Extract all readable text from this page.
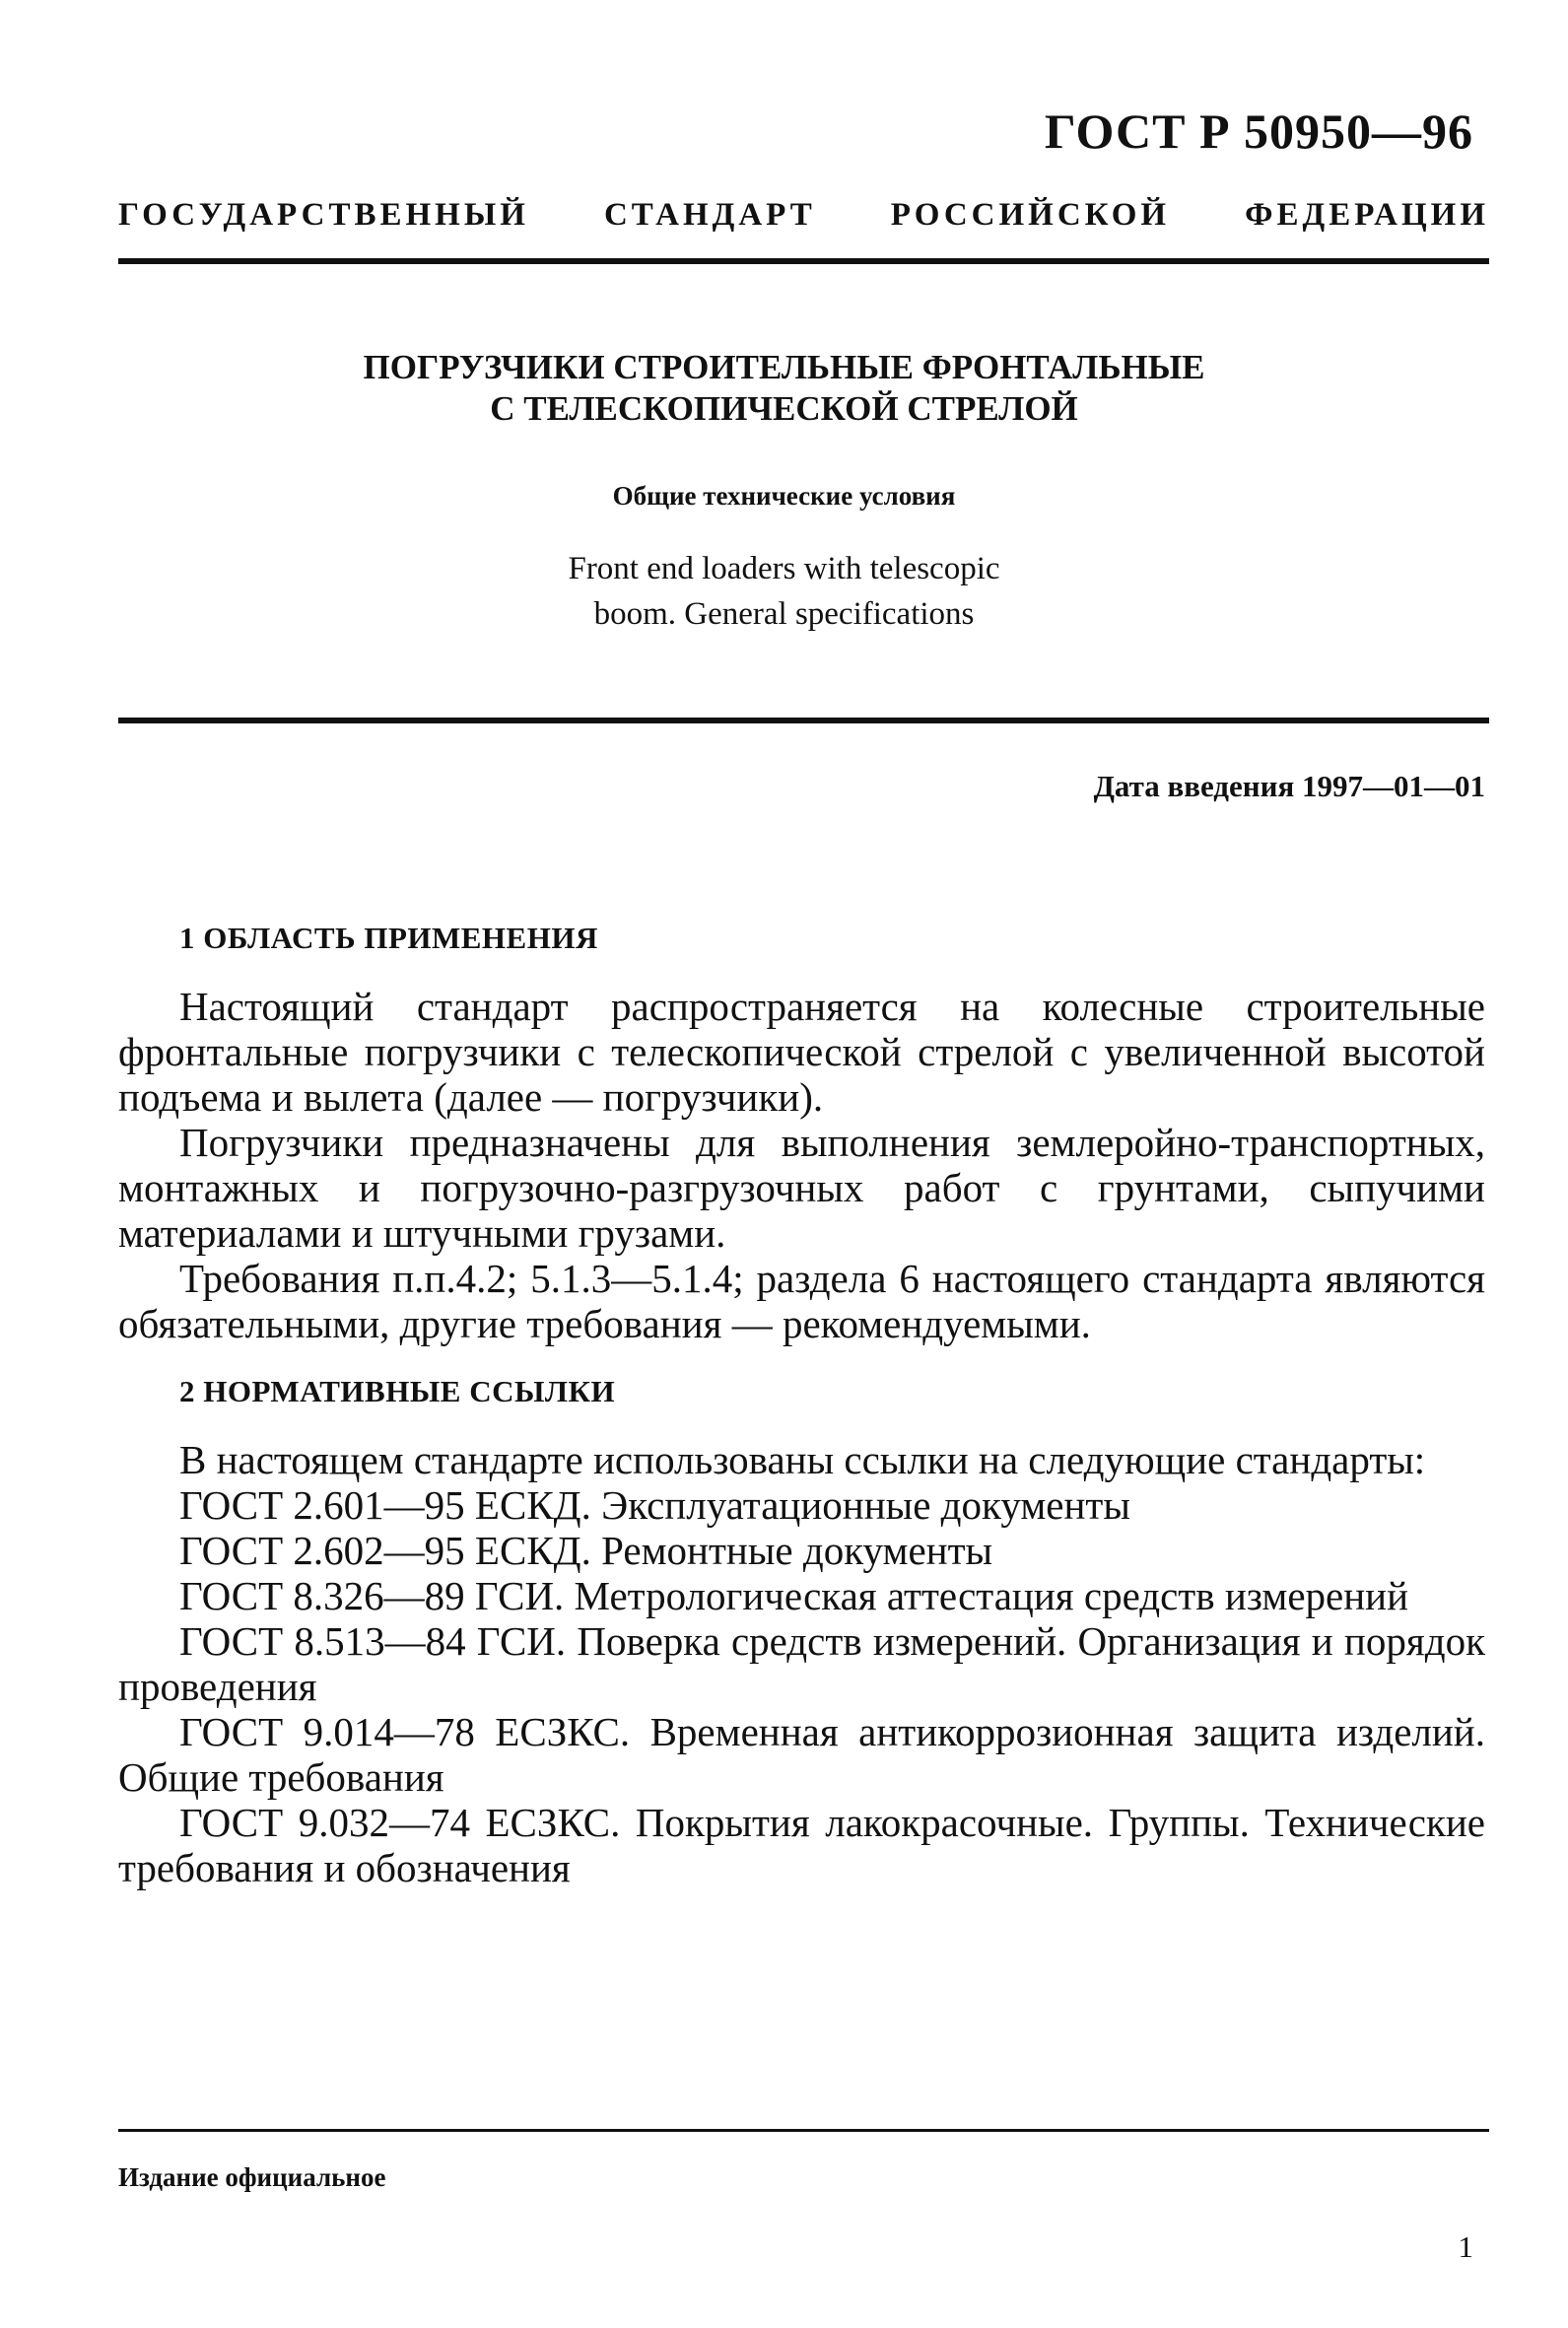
ГОСТ Р 50950—96
ГОСУДАРСТВЕННЫЙ СТАНДАРТ РОССИЙСКОЙ ФЕДЕРАЦИИ
ПОГРУЗЧИКИ СТРОИТЕЛЬНЫЕ ФРОНТАЛЬНЫЕ
С ТЕЛЕСКОПИЧЕСКОЙ СТРЕЛОЙ
Общие технические условия
Front end loaders with telescopic
boom. General specifications
Дата введения 1997—01—01
1 ОБЛАСТЬ ПРИМЕНЕНИЯ

Настоящий стандарт распространяется на колесные строительные фронтальные погрузчики с телескопической стрелой с увеличенной высотой подъема и вылета (далее — погрузчики).

Погрузчики предназначены для выполнения землеройно-транспортных, монтажных и погрузочно-разгрузочных работ с грунтами, сыпучими материалами и штучными грузами.

Требования п.п.4.2; 5.1.3—5.1.4; раздела 6 настоящего стандарта являются обязательными, другие требования — рекомендуемыми.

2 НОРМАТИВНЫЕ ССЫЛКИ

В настоящем стандарте использованы ссылки на следующие стандарты:

ГОСТ 2.601—95 ЕСКД. Эксплуатационные документы

ГОСТ 2.602—95 ЕСКД. Ремонтные документы

ГОСТ 8.326—89 ГСИ. Метрологическая аттестация средств измерений

ГОСТ 8.513—84 ГСИ. Поверка средств измерений. Организация и порядок проведения

ГОСТ 9.014—78 ЕСЗКС. Временная антикоррозионная защита изделий. Общие требования

ГОСТ 9.032—74 ЕСЗКС. Покрытия лакокрасочные. Группы. Технические требования и обозначения

Издание официальное
1
